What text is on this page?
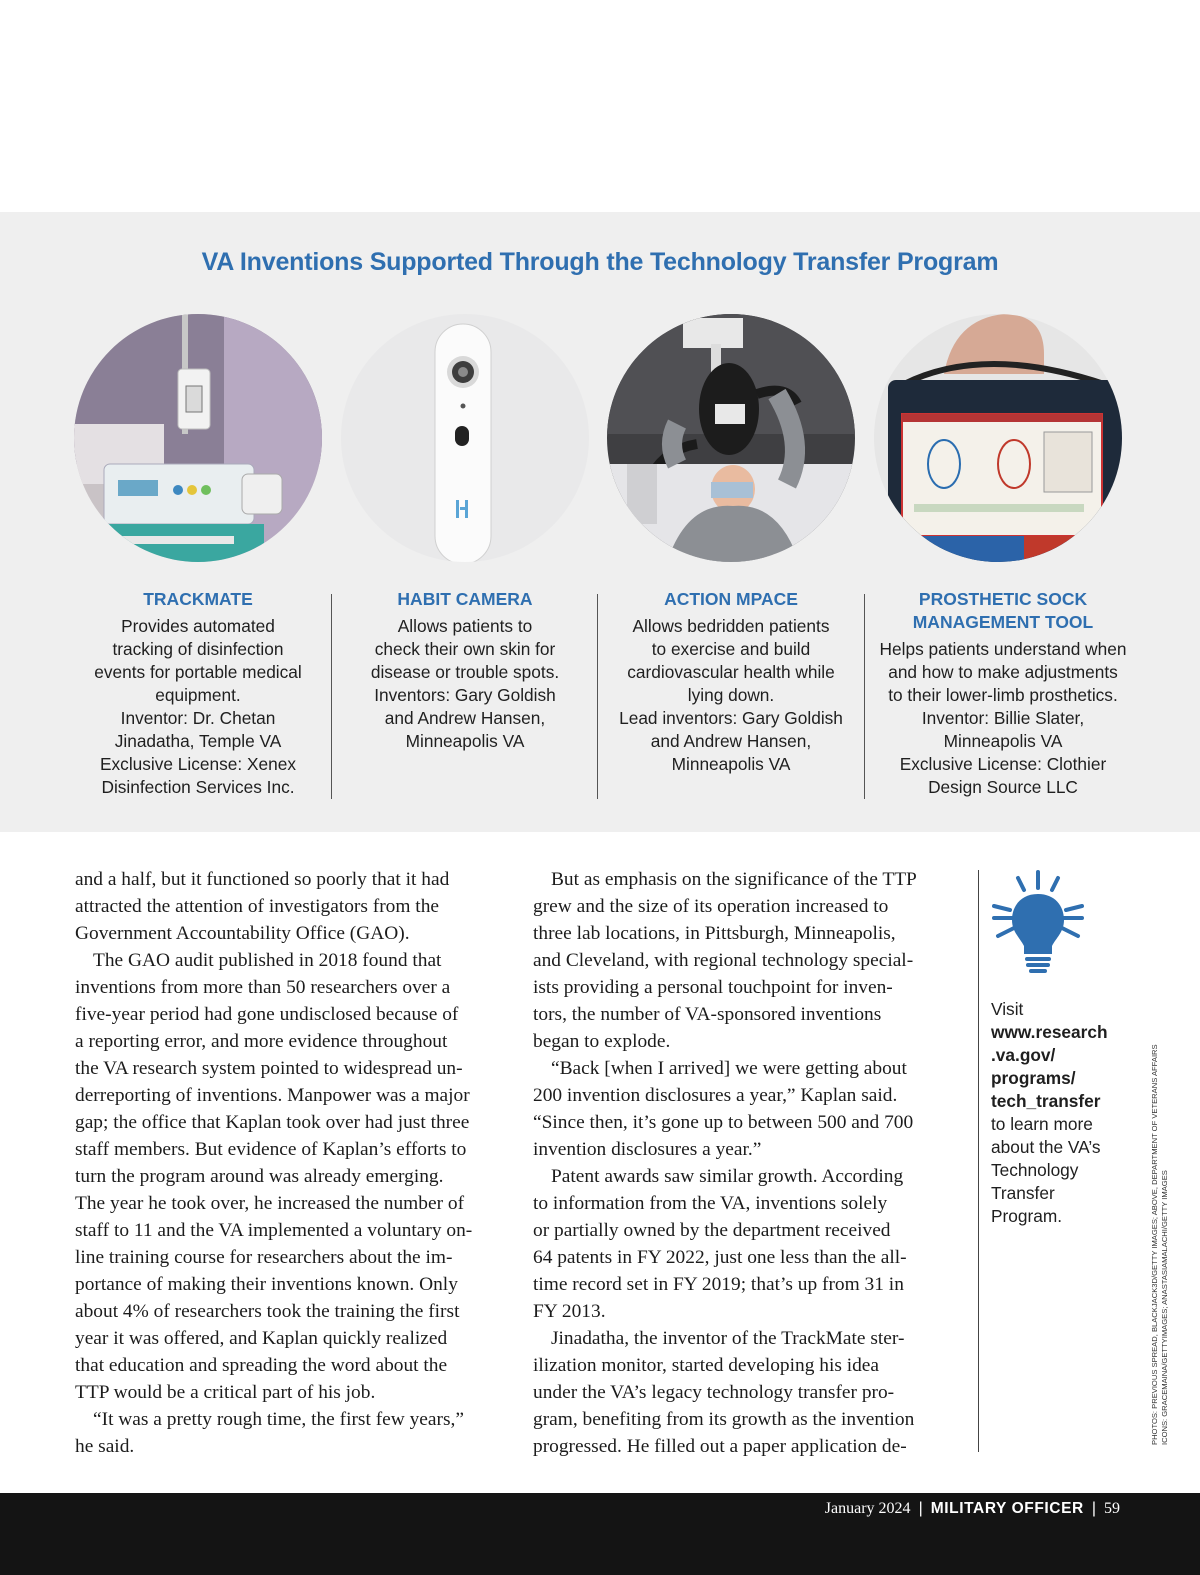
VA Inventions Supported Through the Technology Transfer Program
TRACKMATE
Provides automated
tracking of disinfection
events for portable medical
equipment.
Inventor: Dr. Chetan
Jinadatha, Temple VA
Exclusive License: Xenex
Disinfection Services Inc.
HABIT CAMERA
Allows patients to
check their own skin for
disease or trouble spots.
Inventors: Gary Goldish
and Andrew Hansen,
Minneapolis VA
ACTION MPACE
Allows bedridden patients
to exercise and build
cardiovascular health while
lying down.
Lead inventors: Gary Goldish
and Andrew Hansen,
Minneapolis VA
PROSTHETIC SOCK
MANAGEMENT TOOL
Helps patients understand when
and how to make adjustments
to their lower-limb prosthetics.
Inventor: Billie Slater,
Minneapolis VA
Exclusive License: Clothier
Design Source LLC
and a half, but it functioned so poorly that it had
attracted the attention of investigators from the
Government Accountability Office (GAO).
The GAO audit published in 2018 found that
inventions from more than 50 researchers over a
five-year period had gone undisclosed because of
a reporting error, and more evidence throughout
the VA research system pointed to widespread un-
derreporting of inventions. Manpower was a major
gap; the office that Kaplan took over had just three
staff members. But evidence of Kaplan’s efforts to
turn the program around was already emerging.
The year he took over, he increased the number of
staff to 11 and the VA implemented a voluntary on-
line training course for researchers about the im-
portance of making their inventions known. Only
about 4% of researchers took the training the first
year it was offered, and Kaplan quickly realized
that education and spreading the word about the
TTP would be a critical part of his job.
“It was a pretty rough time, the first few years,”
he said.
But as emphasis on the significance of the TTP
grew and the size of its operation increased to
three lab locations, in Pittsburgh, Minneapolis,
and Cleveland, with regional technology special-
ists providing a personal touchpoint for inven-
tors, the number of VA-sponsored inventions
began to explode.
“Back [when I arrived] we were getting about
200 invention disclosures a year,” Kaplan said.
“Since then, it’s gone up to between 500 and 700
invention disclosures a year.”
Patent awards saw similar growth. According
to information from the VA, inventions solely
or partially owned by the department received
64 patents in FY 2022, just one less than the all-
time record set in FY 2019; that’s up from 31 in
FY 2013.
Jinadatha, the inventor of the TrackMate ster-
ilization monitor, started developing his idea
under the VA’s legacy technology transfer pro-
gram, benefiting from its growth as the invention
progressed. He filled out a paper application de-
Visit
www.research
.va.gov/
programs/
tech_transfer
to learn more
about the VA’s
Technology
Transfer
Program.	PHOTOS: PREVIOUS SPREAD, BLACKJACK3D/GETTY IMAGES; ABOVE, DEPARTMENT OF VETERANS AFFAIRS ICONS: GRACEMAINA/GETTYIMAGES; ANASTASIAMALACHI/GETTY IMAGES
January 2024 | MILITARY OFFICER | 59
